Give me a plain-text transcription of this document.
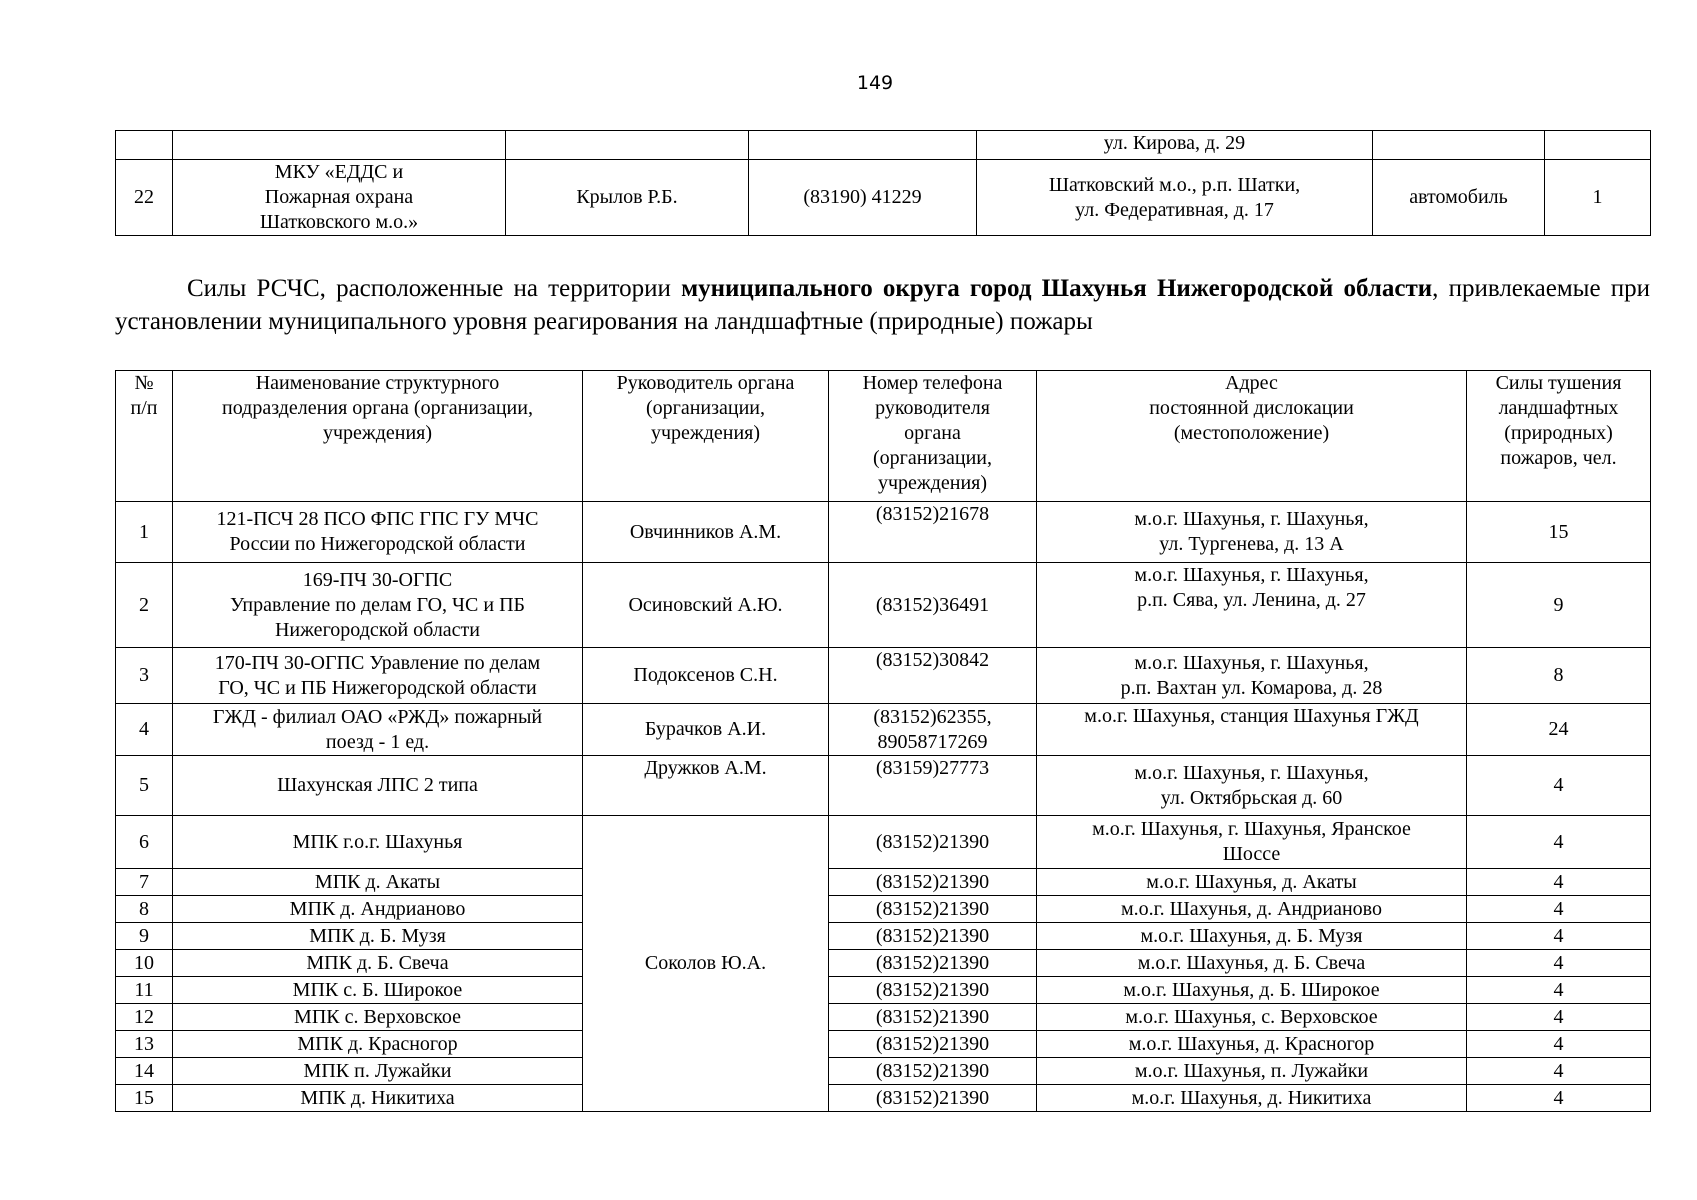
149
				ул. Кирова, д. 29		
22	МКУ «ЕДДС и
Пожарная охрана
Шатковского м.о.»	Крылов Р.Б.	(83190) 41229	Шатковский м.о., р.п. Шатки,
ул. Федеративная, д. 17	автомобиль	1
Силы РСЧС, расположенные на территории муниципального округа город Шахунья Нижегородской области, привлекаемые при установлении муниципального уровня реагирования на ландшафтные (природные) пожары
№
п/п	Наименование структурного
подразделения органа (организации,
учреждения)	Руководитель органа
(организации,
учреждения)	Номер телефона
руководителя
органа
(организации,
учреждения)	Адрес
постоянной дислокации
(местоположение)	Силы тушения
ландшафтных
(природных)
пожаров, чел.
1	121-ПСЧ 28 ПСО ФПС ГПС ГУ МЧС
России по Нижегородской области	Овчинников А.М.	(83152)21678	м.о.г. Шахунья, г. Шахунья,
ул. Тургенева, д. 13 А	15
2	169-ПЧ 30-ОГПС
Управление по делам ГО, ЧС и ПБ
Нижегородской области	Осиновский А.Ю.	(83152)36491	м.о.г. Шахунья, г. Шахунья,
р.п. Сява, ул. Ленина, д. 27	9
3	170-ПЧ 30-ОГПС Уравление по делам
ГО, ЧС и ПБ Нижегородской области	Подоксенов С.Н.	(83152)30842	м.о.г. Шахунья, г. Шахунья,
р.п. Вахтан ул. Комарова, д. 28	8
4	ГЖД - филиал ОАО «РЖД» пожарный
поезд - 1 ед.	Бурачков А.И.	(83152)62355,
89058717269	м.о.г. Шахунья, станция Шахунья ГЖД	24
5	Шахунская ЛПС 2 типа	Дружков А.М.	(83159)27773	м.о.г. Шахунья, г. Шахунья,
ул. Октябрьская д. 60	4
6	МПК г.о.г. Шахунья	Соколов Ю.А.	(83152)21390	м.о.г. Шахунья, г. Шахунья, Яранское
Шоссе	4
7	МПК д. Акаты		(83152)21390	м.о.г. Шахунья, д. Акаты	4
8	МПК д. Андрианово		(83152)21390	м.о.г. Шахунья, д. Андрианово	4
9	МПК д. Б. Музя		(83152)21390	м.о.г. Шахунья, д. Б. Музя	4
10	МПК д. Б. Свеча		(83152)21390	м.о.г. Шахунья, д. Б. Свеча	4
11	МПК с. Б. Широкое		(83152)21390	м.о.г. Шахунья, д. Б. Широкое	4
12	МПК с. Верховское		(83152)21390	м.о.г. Шахунья, с. Верховское	4
13	МПК д. Красногор		(83152)21390	м.о.г. Шахунья, д. Красногор	4
14	МПК п. Лужайки		(83152)21390	м.о.г. Шахунья, п. Лужайки	4
15	МПК д. Никитиха		(83152)21390	м.о.г. Шахунья, д. Никитиха	4
